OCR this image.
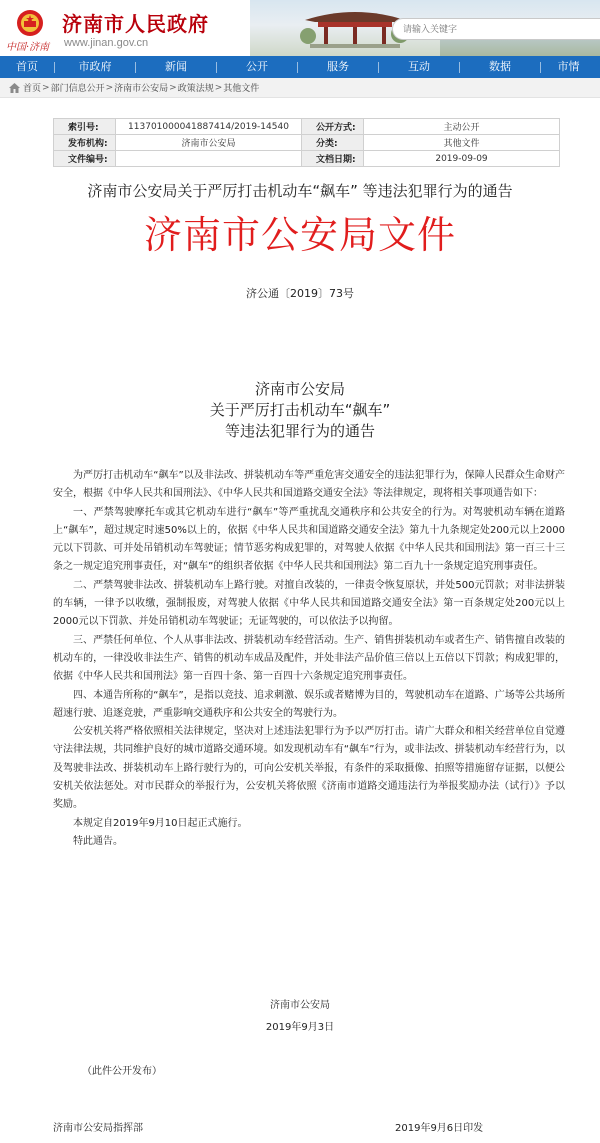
中国·济南
济南市人民政府
www.jinan.gov.cn
请输入关键字
首页	市政府	新闻	公开	服务	互动	数据	市情
首页 > 部门信息公开 > 济南市公安局 > 政策法规 > 其他文件
索引号:	113701000041887414/2019-14540	公开方式:	主动公开
发布机构:	济南市公安局	分类:	其他文件
文件编号:		文档日期:	2019-09-09
济南市公安局关于严厉打击机动车“飙车” 等违法犯罪行为的通告
济南市公安局文件
济公通〔2019〕73号
济南市公安局
关于严厉打击机动车“飙车”
等违法犯罪行为的通告

为严厉打击机动车“飙车”以及非法改、拼装机动车等严重危害交通安全的违法犯罪行为，保障人民群众生命财产安全，根据《中华人民共和国刑法》、《中华人民共和国道路交通安全法》等法律规定，现将相关事项通告如下：

一、严禁驾驶摩托车或其它机动车进行“飙车”等严重扰乱交通秩序和公共安全的行为。对驾驶机动车辆在道路上“飙车”，超过规定时速50%以上的，依据《中华人民共和国道路交通安全法》第九十九条规定处200元以上2000元以下罚款、可并处吊销机动车驾驶证；情节恶劣构成犯罪的，对驾驶人依据《中华人民共和国刑法》第一百三十三条之一规定追究刑事责任，对“飙车”的组织者依据《中华人民共和国刑法》第二百九十一条规定追究刑事责任。

二、严禁驾驶非法改、拼装机动车上路行驶。对擅自改装的，一律责令恢复原状，并处500元罚款；对非法拼装的车辆，一律予以收缴，强制报废，对驾驶人依据《中华人民共和国道路交通安全法》第一百条规定处200元以上2000元以下罚款、并处吊销机动车驾驶证；无证驾驶的，可以依法予以拘留。

三、严禁任何单位、个人从事非法改、拼装机动车经营活动。生产、销售拼装机动车或者生产、销售擅自改装的机动车的，一律没收非法生产、销售的机动车成品及配件，并处非法产品价值三倍以上五倍以下罚款；构成犯罪的，依据《中华人民共和国刑法》第一百四十条、第一百四十六条规定追究刑事责任。

四、本通告所称的“飙车”，是指以竞技、追求刺激、娱乐或者赌博为目的，驾驶机动车在道路、广场等公共场所超速行驶、追逐竞驶，严重影响交通秩序和公共安全的驾驶行为。

公安机关将严格依照相关法律规定，坚决对上述违法犯罪行为予以严厉打击。请广大群众和相关经营单位自觉遵守法律法规，共同维护良好的城市道路交通环境。如发现机动车有“飙车”行为，或非法改、拼装机动车经营行为，以及驾驶非法改、拼装机动车上路行驶行为的，可向公安机关举报，有条件的采取摄像、拍照等措施留存证据，以便公安机关依法惩处。对市民群众的举报行为，公安机关将依照《济南市道路交通违法行为举报奖励办法（试行）》予以奖励。

本规定自2019年9月10日起正式施行。

特此通告。

济南市公安局
2019年9月3日
（此件公开发布）
济南市公安局指挥部	2019年9月6日印发
